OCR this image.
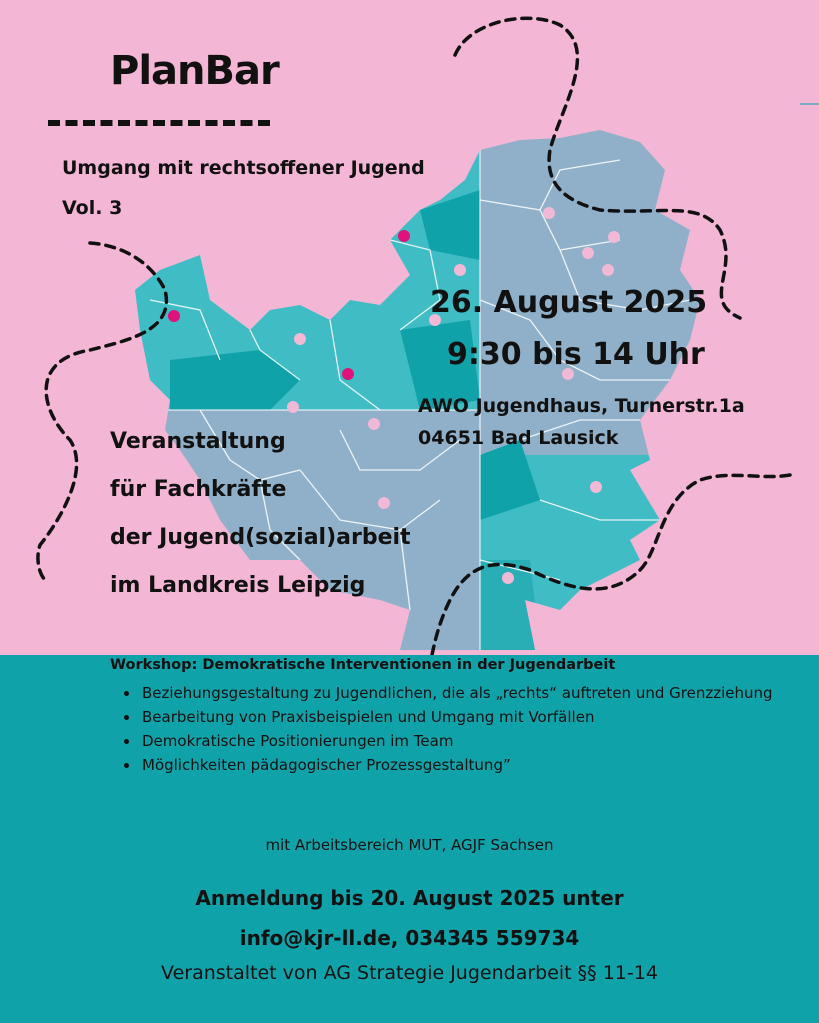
PlanBar
Umgang mit rechtsoffener Jugend
Vol. 3
26. August 2025
9:30 bis 14 Uhr
AWO Jugendhaus, Turnerstr.1a
04651 Bad Lausick
Veranstaltung
für Fachkräfte
der Jugend(sozial)arbeit
im Landkreis Leipzig
Workshop: Demokratische Interventionen in der Jugendarbeit
• Beziehungsgestaltung zu Jugendlichen, die als „rechts“ auftreten und Grenzziehung
• Bearbeitung von Praxisbeispielen und Umgang mit Vorfällen
• Demokratische Positionierungen im Team
• Möglichkeiten pädagogischer Prozessgestaltung”
mit Arbeitsbereich MUT, AGJF Sachsen
Anmeldung bis 20. August 2025 unter
info@kjr-ll.de, 034345 559734
Veranstaltet von AG Strategie Jugendarbeit §§ 11-14
